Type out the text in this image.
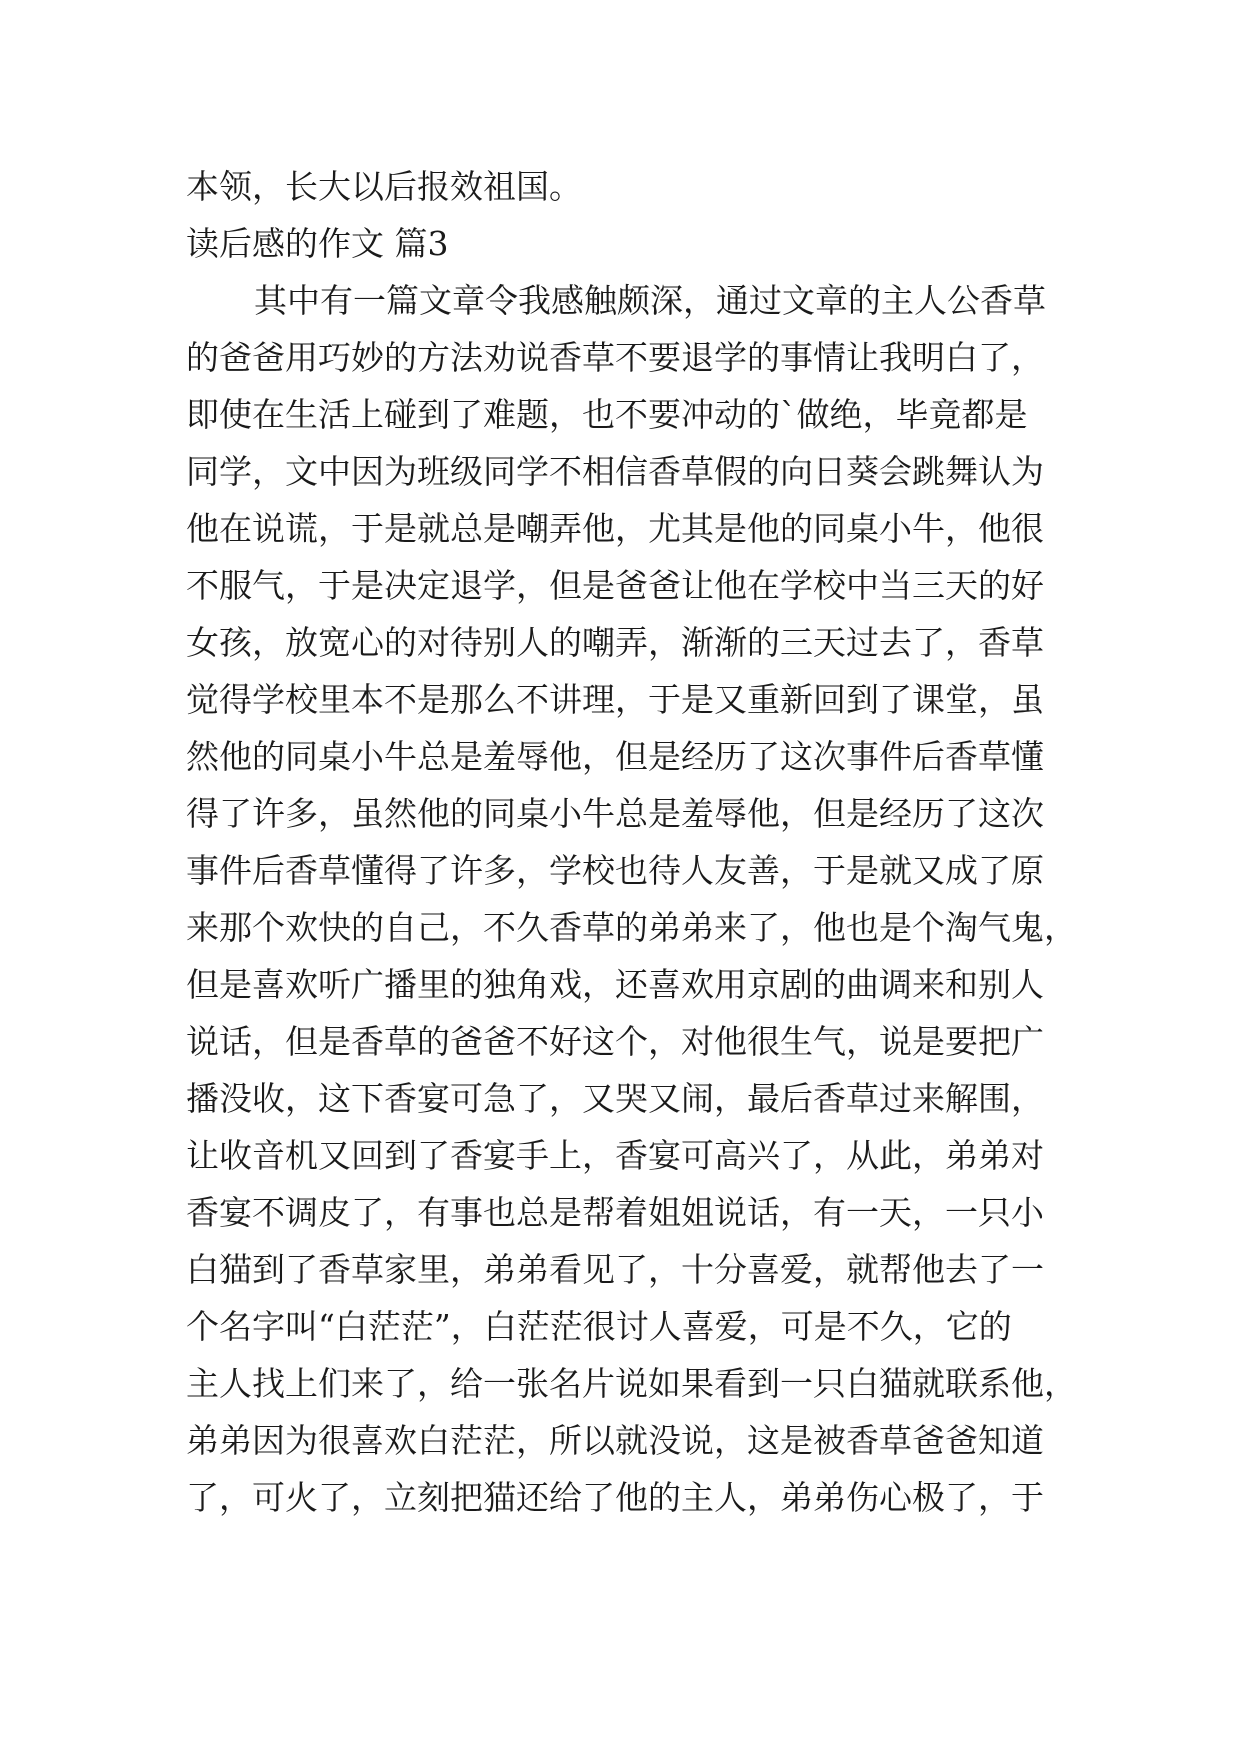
本领，长大以后报效祖国。
读后感的作文 篇3
其中有一篇文章令我感触颇深，通过文章的主人公香草
的爸爸用巧妙的方法劝说香草不要退学的事情让我明白了，
即使在生活上碰到了难题，也不要冲动的`做绝，毕竟都是
同学，文中因为班级同学不相信香草假的向日葵会跳舞认为
他在说谎，于是就总是嘲弄他，尤其是他的同桌小牛，他很
不服气，于是决定退学，但是爸爸让他在学校中当三天的好
女孩，放宽心的对待别人的嘲弄，渐渐的三天过去了，香草
觉得学校里本不是那么不讲理，于是又重新回到了课堂，虽
然他的同桌小牛总是羞辱他，但是经历了这次事件后香草懂
得了许多，虽然他的同桌小牛总是羞辱他，但是经历了这次
事件后香草懂得了许多，学校也待人友善，于是就又成了原
来那个欢快的自己，不久香草的弟弟来了，他也是个淘气鬼，
但是喜欢听广播里的独角戏，还喜欢用京剧的曲调来和别人
说话，但是香草的爸爸不好这个，对他很生气，说是要把广
播没收，这下香宴可急了，又哭又闹，最后香草过来解围，
让收音机又回到了香宴手上，香宴可高兴了，从此，弟弟对
香宴不调皮了，有事也总是帮着姐姐说话，有一天，一只小
白猫到了香草家里，弟弟看见了，十分喜爱，就帮他去了一
个名字叫“白茫茫”，白茫茫很讨人喜爱，可是不久，它的
主人找上们来了，给一张名片说如果看到一只白猫就联系他，
弟弟因为很喜欢白茫茫，所以就没说，这是被香草爸爸知道
了，可火了，立刻把猫还给了他的主人，弟弟伤心极了，于
